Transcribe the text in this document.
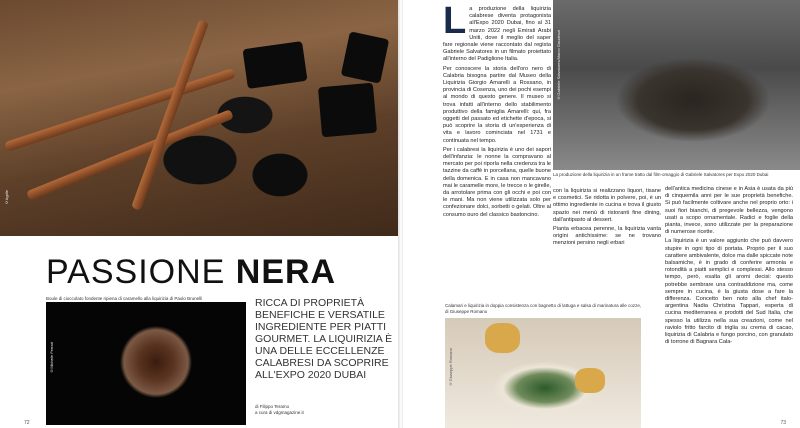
©Agrile
PASSIONE NERA
Boule di cioccolato fondente ripiena di caramello alla liquirizia di Paolo Brunelli
©Michele Ferrari
RICCA DI PROPRIETÀ BENEFICHE E VERSATILE INGREDIENTE PER PIATTI GOURMET. LA LIQUIRIZIA È UNA DELLE ECCELLENZE CALABRESI DA SCOPRIRE ALL'EXPO 2020 DUBAI
di Filippo Teramo
a cura di vdgmagazine.it
72
L a produzione della liquirizia calabrese diventa protagonista all'Expo 2020 Dubai, fino al 31 marzo 2022 negli Emirati Arabi Uniti, dove il meglio del saper fare regionale viene raccontato dal regista Gabriele Salvatores in un filmato proiettato all'interno del Padiglione Italia.

Per conoscere la storia dell'oro nero di Calabria bisogna partire dal Museo della Liquirizia Giorgio Amarelli a Rossano, in provincia di Cosenza, uno dei pochi esempi al mondo di questo genere. Il museo si trova infatti all'interno dello stabilimento produttivo della famiglia Amarelli: qui, fra oggetti del passato ed etichette d'epoca, si può scoprire la storia di un'esperienza di vita e lavoro cominciata nel 1731 e continuata nel tempo.

Per i calabresi la liquirizia è uno dei sapori dell'infanzia: le nonne la compravano al mercato per poi riporla nella credenza tra le tazzine da caffè in porcellana, quelle buone della domenica. E in casa non mancavano mai le caramelle more, le trecce o le girelle, da arrotolare prima con gli occhi e poi con le mani. Ma non viene utilizzata solo per confezionare dolci, sorbetti o gelati. Oltre al consumo puro del classico bastoncino,

©Gabriele Salvatores/Marco Gaudenzi
La produzione della liquirizia in un frame tratto dal film-omaggio di Gabriele Salvatores per Expo 2020 Dubai

con la liquirizia si realizzano liquori, tisane e cosmetici. Se ridotta in polvere, poi, è un ottimo ingrediente in cucina e trova il giusto spazio nei menù di ristoranti fine dining, dall'antipasto al dessert.

Pianta erbacea perenne, la liquirizia vanta origini antichissime: se ne trovano menzioni persino negli erbari

Calamari e liquirizia in doppia consistenza con bagnetto di lattuga e salsa di marinatura alle cozze, di Giuseppe Romano
©Giuseppe Romano

dell'antica medicina cinese e in Asia è usata da più di cinquemila anni per le sue proprietà benefiche. Si può facilmente coltivare anche nel proprio orto: i suoi fiori bianchi, di pregevole bellezza, vengono usati a scopo ornamentale. Radici e foglie della pianta, invece, sono utilizzate per la preparazione di numerose ricette.

La liquirizia è un valore aggiunto che può davvero stupire in ogni tipo di portata. Proprio per il suo carattere ambivalente, dolce ma dalle spiccate note balsamiche, è in grado di conferire armonia e rotondità a piatti semplici e complessi. Allo stesso tempo, però, esalta gli aromi decisi: questo potrebbe sembrare una contraddizione ma, come sempre in cucina, è la giusta dose a fare la differenza. Concetto ben noto alla chef italo-argentina Nadia Christina Tappari, esperta di cucina mediterranea e prodotti del Sud Italia, che spesso la utilizza nella sua creazioni, come nel raviolo fritto farcito di triglia su crema di cacao, liquirizia di Calabria e fungo porcino, con granulato di torrone di Bagnara Cala-

73
